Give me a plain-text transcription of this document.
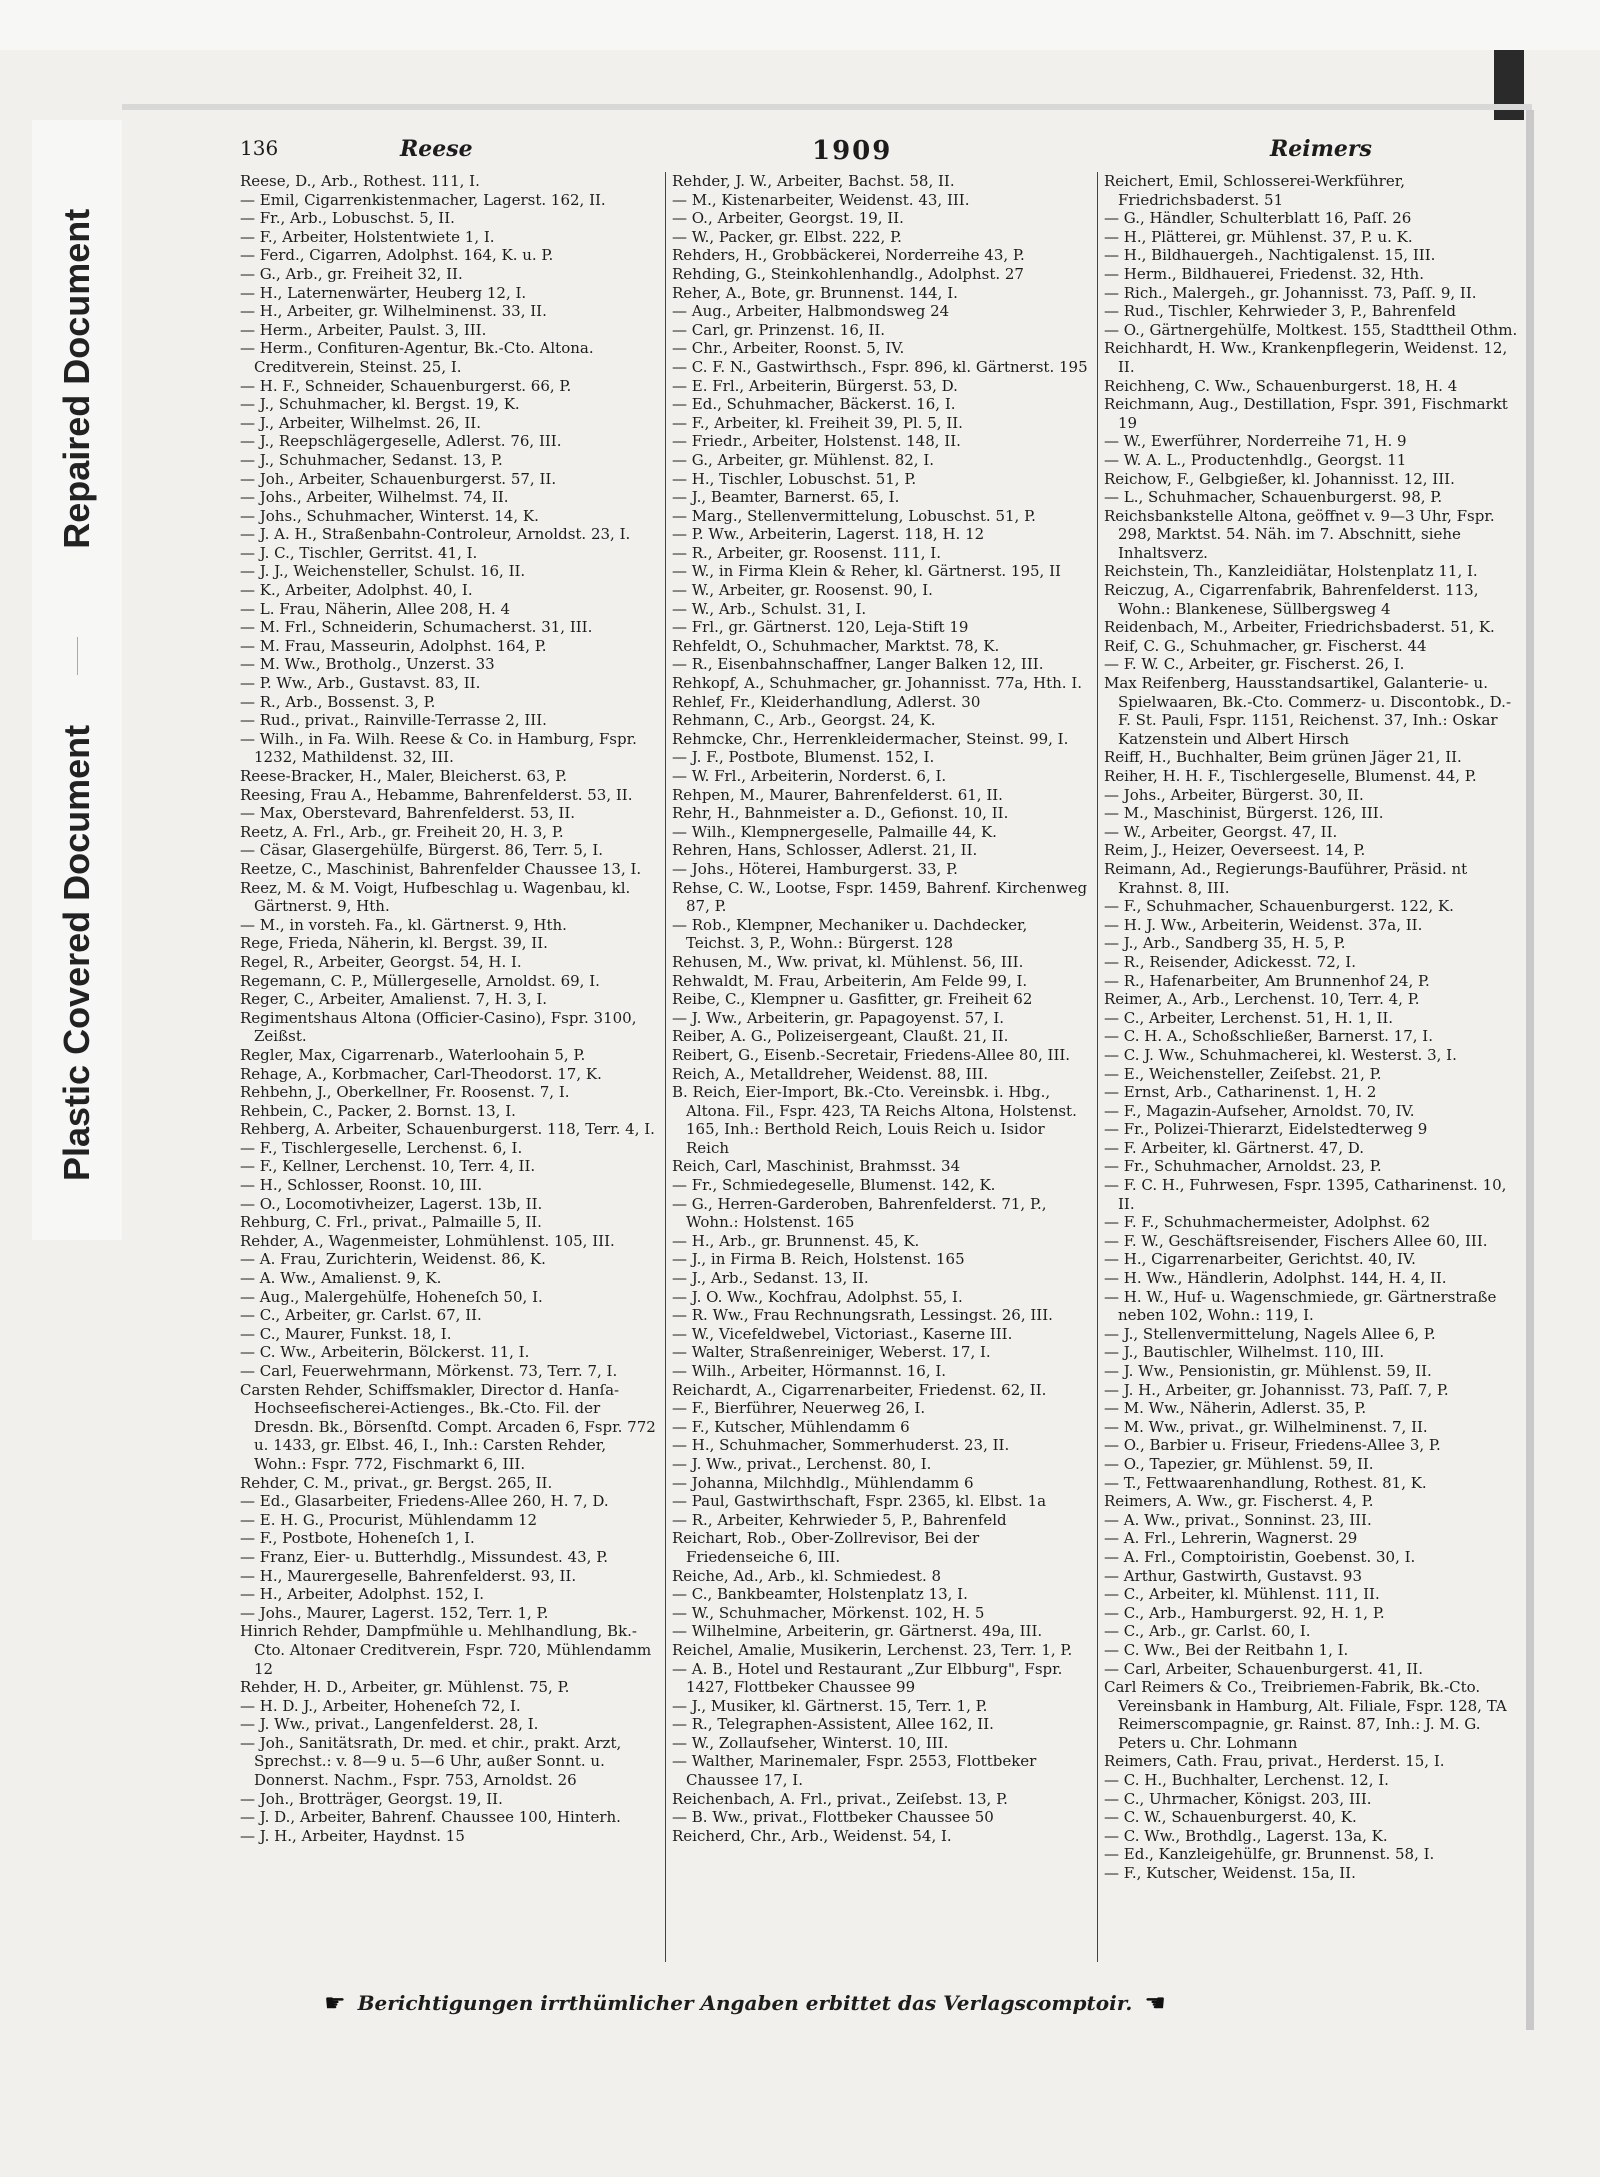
Repaired Document
Plastic Covered Document
136	Reese	1909	Reimers

Reese, D., Arb., Rothest. 111, I.

— Emil, Cigarrenkistenmacher, Lagerst. 162, II.

— Fr., Arb., Lobuschst. 5, II.

— F., Arbeiter, Holstentwiete 1, I.

— Ferd., Cigarren, Adolphst. 164, K. u. P.

— G., Arb., gr. Freiheit 32, II.

— H., Laternenwärter, Heuberg 12, I.

— H., Arbeiter, gr. Wilhelminenst. 33, II.

— Herm., Arbeiter, Paulst. 3, III.

— Herm., Confituren-Agentur, Bk.-Cto. Altona. Creditverein, Steinst. 25, I.

— H. F., Schneider, Schauenburgerst. 66, P.

— J., Schuhmacher, kl. Bergst. 19, K.

— J., Arbeiter, Wilhelmst. 26, II.

— J., Reepschlägergeselle, Adlerst. 76, III.

— J., Schuhmacher, Sedanst. 13, P.

— Joh., Arbeiter, Schauenburgerst. 57, II.

— Johs., Arbeiter, Wilhelmst. 74, II.

— Johs., Schuhmacher, Winterst. 14, K.

— J. A. H., Straßenbahn-Controleur, Arnoldst. 23, I.

— J. C., Tischler, Gerritst. 41, I.

— J. J., Weichensteller, Schulst. 16, II.

— K., Arbeiter, Adolphst. 40, I.

— L. Frau, Näherin, Allee 208, H. 4

— M. Frl., Schneiderin, Schumacherst. 31, III.

— M. Frau, Masseurin, Adolphst. 164, P.

— M. Ww., Brotholg., Unzerst. 33

— P. Ww., Arb., Gustavst. 83, II.

— R., Arb., Bossenst. 3, P.

— Rud., privat., Rainville-Terrasse 2, III.

— Wilh., in Fa. Wilh. Reese & Co. in Hamburg, Fspr. 1232, Mathildenst. 32, III.

Reese-Bracker, H., Maler, Bleicherst. 63, P.

Reesing, Frau A., Hebamme, Bahrenfelderst. 53, II.

— Max, Oberstevard, Bahrenfelderst. 53, II.

Reetz, A. Frl., Arb., gr. Freiheit 20, H. 3, P.

— Cäsar, Glasergehülfe, Bürgerst. 86, Terr. 5, I.

Reetze, C., Maschinist, Bahrenfelder Chaussee 13, I.

Reez, M. & M. Voigt, Hufbeschlag u. Wagenbau, kl. Gärtnerst. 9, Hth.

— M., in vorsteh. Fa., kl. Gärtnerst. 9, Hth.

Rege, Frieda, Näherin, kl. Bergst. 39, II.

Regel, R., Arbeiter, Georgst. 54, H. I.

Regemann, C. P., Müllergeselle, Arnoldst. 69, I.

Reger, C., Arbeiter, Amalienst. 7, H. 3, I.

Regimentshaus Altona (Officier-Casino), Fspr. 3100, Zeißst.

Regler, Max, Cigarrenarb., Waterloohain 5, P.

Rehage, A., Korbmacher, Carl-Theodorst. 17, K.

Rehbehn, J., Oberkellner, Fr. Roosenst. 7, I.

Rehbein, C., Packer, 2. Bornst. 13, I.

Rehberg, A. Arbeiter, Schauenburgerst. 118, Terr. 4, I.

— F., Tischlergeselle, Lerchenst. 6, I.

— F., Kellner, Lerchenst. 10, Terr. 4, II.

— H., Schlosser, Roonst. 10, III.

— O., Locomotivheizer, Lagerst. 13b, II.

Rehburg, C. Frl., privat., Palmaille 5, II.

Rehder, A., Wagenmeister, Lohmühlenst. 105, III.

— A. Frau, Zurichterin, Weidenst. 86, K.

— A. Ww., Amalienst. 9, K.

— Aug., Malergehülfe, Hoheneſch 50, I.

— C., Arbeiter, gr. Carlst. 67, II.

— C., Maurer, Funkst. 18, I.

— C. Ww., Arbeiterin, Bölckerst. 11, I.

— Carl, Feuerwehrmann, Mörkenst. 73, Terr. 7, I.

Carsten Rehder, Schiffsmakler, Director d. Hanſa-Hochseefischerei-Actienges., Bk.-Cto. Fil. der Dresdn. Bk., Börsenſtd. Compt. Arcaden 6, Fspr. 772 u. 1433, gr. Elbst. 46, I., Inh.: Carsten Rehder, Wohn.: Fspr. 772, Fischmarkt 6, III.

Rehder, C. M., privat., gr. Bergst. 265, II.

— Ed., Glasarbeiter, Friedens-Allee 260, H. 7, D.

— E. H. G., Procurist, Mühlendamm 12

— F., Postbote, Hoheneſch 1, I.

— Franz, Eier- u. Butterhdlg., Missundest. 43, P.

— H., Maurergeselle, Bahrenfelderst. 93, II.

— H., Arbeiter, Adolphst. 152, I.

— Johs., Maurer, Lagerst. 152, Terr. 1, P.

Hinrich Rehder, Dampfmühle u. Mehlhandlung, Bk.-Cto. Altonaer Creditverein, Fspr. 720, Mühlendamm 12

Rehder, H. D., Arbeiter, gr. Mühlenst. 75, P.

— H. D. J., Arbeiter, Hoheneſch 72, I.

— J. Ww., privat., Langenfelderst. 28, I.

— Joh., Sanitätsrath, Dr. med. et chir., prakt. Arzt, Sprechst.: v. 8—9 u. 5—6 Uhr, außer Sonnt. u. Donnerst. Nachm., Fspr. 753, Arnoldst. 26

— Joh., Brotträger, Georgst. 19, II.

— J. D., Arbeiter, Bahrenf. Chaussee 100, Hinterh.

— J. H., Arbeiter, Haydnst. 15

Rehder, J. W., Arbeiter, Bachst. 58, II.

— M., Kistenarbeiter, Weidenst. 43, III.

— O., Arbeiter, Georgst. 19, II.

— W., Packer, gr. Elbst. 222, P.

Rehders, H., Grobbäckerei, Norderreihe 43, P.

Rehding, G., Steinkohlenhandlg., Adolphst. 27

Reher, A., Bote, gr. Brunnenst. 144, I.

— Aug., Arbeiter, Halbmondsweg 24

— Carl, gr. Prinzenst. 16, II.

— Chr., Arbeiter, Roonst. 5, IV.

— C. F. N., Gastwirthsch., Fspr. 896, kl. Gärtnerst. 195

— E. Frl., Arbeiterin, Bürgerst. 53, D.

— Ed., Schuhmacher, Bäckerst. 16, I.

— F., Arbeiter, kl. Freiheit 39, Pl. 5, II.

— Friedr., Arbeiter, Holstenst. 148, II.

— G., Arbeiter, gr. Mühlenst. 82, I.

— H., Tischler, Lobuschst. 51, P.

— J., Beamter, Barnerst. 65, I.

— Marg., Stellenvermittelung, Lobuschst. 51, P.

— P. Ww., Arbeiterin, Lagerst. 118, H. 12

— R., Arbeiter, gr. Roosenst. 111, I.

— W., in Firma Klein & Reher, kl. Gärtnerst. 195, II

— W., Arbeiter, gr. Roosenst. 90, I.

— W., Arb., Schulst. 31, I.

— Frl., gr. Gärtnerst. 120, Leja-Stift 19

Rehfeldt, O., Schuhmacher, Marktst. 78, K.

— R., Eisenbahnschaffner, Langer Balken 12, III.

Rehkopf, A., Schuhmacher, gr. Johannisst. 77a, Hth. I.

Rehlef, Fr., Kleiderhandlung, Adlerst. 30

Rehmann, C., Arb., Georgst. 24, K.

Rehmcke, Chr., Herrenkleidermacher, Steinst. 99, I.

— J. F., Postbote, Blumenst. 152, I.

— W. Frl., Arbeiterin, Norderst. 6, I.

Rehpen, M., Maurer, Bahrenfelderst. 61, II.

Rehr, H., Bahnmeister a. D., Gefionst. 10, II.

— Wilh., Klempnergeselle, Palmaille 44, K.

Rehren, Hans, Schlosser, Adlerst. 21, II.

— Johs., Höterei, Hamburgerst. 33, P.

Rehse, C. W., Lootse, Fspr. 1459, Bahrenf. Kirchenweg 87, P.

— Rob., Klempner, Mechaniker u. Dachdecker, Teichst. 3, P., Wohn.: Bürgerst. 128

Rehusen, M., Ww. privat, kl. Mühlenst. 56, III.

Rehwaldt, M. Frau, Arbeiterin, Am Felde 99, I.

Reibe, C., Klempner u. Gasfitter, gr. Freiheit 62

— J. Ww., Arbeiterin, gr. Papagoyenst. 57, I.

Reiber, A. G., Polizeisergeant, Claußt. 21, II.

Reibert, G., Eisenb.-Secretair, Friedens-Allee 80, III.

Reich, A., Metalldreher, Weidenst. 88, III.

B. Reich, Eier-Import, Bk.-Cto. Vereinsbk. i. Hbg., Altona. Fil., Fspr. 423, TA Reichs Altona, Holstenst. 165, Inh.: Berthold Reich, Louis Reich u. Isidor Reich

Reich, Carl, Maschinist, Brahmsst. 34

— Fr., Schmiedegeselle, Blumenst. 142, K.

— G., Herren-Garderoben, Bahrenfelderst. 71, P., Wohn.: Holstenst. 165

— H., Arb., gr. Brunnenst. 45, K.

— J., in Firma B. Reich, Holstenst. 165

— J., Arb., Sedanst. 13, II.

— J. O. Ww., Kochfrau, Adolphst. 55, I.

— R. Ww., Frau Rechnungsrath, Lessingst. 26, III.

— W., Vicefeldwebel, Victoriast., Kaserne III.

— Walter, Straßenreiniger, Weberst. 17, I.

— Wilh., Arbeiter, Hörmannst. 16, I.

Reichardt, A., Cigarrenarbeiter, Friedenst. 62, II.

— F., Bierführer, Neuerweg 26, I.

— F., Kutscher, Mühlendamm 6

— H., Schuhmacher, Sommerhuderst. 23, II.

— J. Ww., privat., Lerchenst. 80, I.

— Johanna, Milchhdlg., Mühlendamm 6

— Paul, Gastwirthschaft, Fspr. 2365, kl. Elbst. 1a

— R., Arbeiter, Kehrwieder 5, P., Bahrenfeld

Reichart, Rob., Ober-Zollrevisor, Bei der Friedenseiche 6, III.

Reiche, Ad., Arb., kl. Schmiedest. 8

— C., Bankbeamter, Holstenplatz 13, I.

— W., Schuhmacher, Mörkenst. 102, H. 5

— Wilhelmine, Arbeiterin, gr. Gärtnerst. 49a, III.

Reichel, Amalie, Musikerin, Lerchenst. 23, Terr. 1, P.

— A. B., Hotel und Restaurant „Zur Elbburg", Fspr. 1427, Flottbeker Chaussee 99

— J., Musiker, kl. Gärtnerst. 15, Terr. 1, P.

— R., Telegraphen-Assistent, Allee 162, II.

— W., Zollaufseher, Winterst. 10, III.

— Walther, Marinemaler, Fspr. 2553, Flottbeker Chaussee 17, I.

Reichenbach, A. Frl., privat., Zeiſebst. 13, P.

— B. Ww., privat., Flottbeker Chaussee 50

Reicherd, Chr., Arb., Weidenst. 54, I.

Reichert, Emil, Schlosserei-Werkführer, Friedrichsbaderst. 51

— G., Händler, Schulterblatt 16, Paſſ. 26

— H., Plätterei, gr. Mühlenst. 37, P. u. K.

— H., Bildhauergeh., Nachtigalenst. 15, III.

— Herm., Bildhauerei, Friedenst. 32, Hth.

— Rich., Malergeh., gr. Johannisst. 73, Paſſ. 9, II.

— Rud., Tischler, Kehrwieder 3, P., Bahrenfeld

— O., Gärtnergehülfe, Moltkest. 155, Stadttheil Othm.

Reichhardt, H. Ww., Krankenpflegerin, Weidenst. 12, II.

Reichheng, C. Ww., Schauenburgerst. 18, H. 4

Reichmann, Aug., Destillation, Fspr. 391, Fischmarkt 19

— W., Ewerführer, Norderreihe 71, H. 9

— W. A. L., Productenhdlg., Georgst. 11

Reichow, F., Gelbgießer, kl. Johannisst. 12, III.

— L., Schuhmacher, Schauenburgerst. 98, P.

Reichsbankstelle Altona, geöffnet v. 9—3 Uhr, Fspr. 298, Marktst. 54. Näh. im 7. Abschnitt, siehe Inhaltsverz.

Reichstein, Th., Kanzleidiätar, Holstenplatz 11, I.

Reiczug, A., Cigarrenfabrik, Bahrenfelderst. 113, Wohn.: Blankenese, Süllbergsweg 4

Reidenbach, M., Arbeiter, Friedrichsbaderst. 51, K.

Reif, C. G., Schuhmacher, gr. Fischerst. 44

— F. W. C., Arbeiter, gr. Fischerst. 26, I.

Max Reifenberg, Hausstandsartikel, Galanterie- u. Spielwaaren, Bk.-Cto. Commerz- u. Discontobk., D.-F. St. Pauli, Fspr. 1151, Reichenst. 37, Inh.: Oskar Katzenstein und Albert Hirsch

Reiff, H., Buchhalter, Beim grünen Jäger 21, II.

Reiher, H. H. F., Tischlergeselle, Blumenst. 44, P.

— Johs., Arbeiter, Bürgerst. 30, II.

— M., Maschinist, Bürgerst. 126, III.

— W., Arbeiter, Georgst. 47, II.

Reim, J., Heizer, Oeverseest. 14, P.

Reimann, Ad., Regierungs-Bauführer, Präsid. nt Krahnst. 8, III.

— F., Schuhmacher, Schauenburgerst. 122, K.

— H. J. Ww., Arbeiterin, Weidenst. 37a, II.

— J., Arb., Sandberg 35, H. 5, P.

— R., Reisender, Adickesst. 72, I.

— R., Hafenarbeiter, Am Brunnenhof 24, P.

Reimer, A., Arb., Lerchenst. 10, Terr. 4, P.

— C., Arbeiter, Lerchenst. 51, H. 1, II.

— C. H. A., Schoßschließer, Barnerst. 17, I.

— C. J. Ww., Schuhmacherei, kl. Westerst. 3, I.

— E., Weichensteller, Zeiſebst. 21, P.

— Ernst, Arb., Catharinenst. 1, H. 2

— F., Magazin-Aufseher, Arnoldst. 70, IV.

— Fr., Polizei-Thierarzt, Eidelstedterweg 9

— F. Arbeiter, kl. Gärtnerst. 47, D.

— Fr., Schuhmacher, Arnoldst. 23, P.

— F. C. H., Fuhrwesen, Fspr. 1395, Catharinenst. 10, II.

— F. F., Schuhmachermeister, Adolphst. 62

— F. W., Geschäftsreisender, Fischers Allee 60, III.

— H., Cigarrenarbeiter, Gerichtst. 40, IV.

— H. Ww., Händlerin, Adolphst. 144, H. 4, II.

— H. W., Huf- u. Wagenschmiede, gr. Gärtnerstraße neben 102, Wohn.: 119, I.

— J., Stellenvermittelung, Nagels Allee 6, P.

— J., Bautischler, Wilhelmst. 110, III.

— J. Ww., Pensionistin, gr. Mühlenst. 59, II.

— J. H., Arbeiter, gr. Johannisst. 73, Paſſ. 7, P.

— M. Ww., Näherin, Adlerst. 35, P.

— M. Ww., privat., gr. Wilhelminenst. 7, II.

— O., Barbier u. Friseur, Friedens-Allee 3, P.

— O., Tapezier, gr. Mühlenst. 59, II.

— T., Fettwaarenhandlung, Rothest. 81, K.

Reimers, A. Ww., gr. Fischerst. 4, P.

— A. Ww., privat., Sonninst. 23, III.

— A. Frl., Lehrerin, Wagnerst. 29

— A. Frl., Comptoiristin, Goebenst. 30, I.

— Arthur, Gastwirth, Gustavst. 93

— C., Arbeiter, kl. Mühlenst. 111, II.

— C., Arb., Hamburgerst. 92, H. 1, P.

— C., Arb., gr. Carlst. 60, I.

— C. Ww., Bei der Reitbahn 1, I.

— Carl, Arbeiter, Schauenburgerst. 41, II.

Carl Reimers & Co., Treibriemen-Fabrik, Bk.-Cto. Vereinsbank in Hamburg, Alt. Filiale, Fspr. 128, TA Reimerscompagnie, gr. Rainst. 87, Inh.: J. M. G. Peters u. Chr. Lohmann

Reimers, Cath. Frau, privat., Herderst. 15, I.

— C. H., Buchhalter, Lerchenst. 12, I.

— C., Uhrmacher, Königst. 203, III.

— C. W., Schauenburgerst. 40, K.

— C. Ww., Brothdlg., Lagerst. 13a, K.

— Ed., Kanzleigehülfe, gr. Brunnenst. 58, I.

— F., Kutscher, Weidenst. 15a, II.

☛ Berichtigungen irrthümlicher Angaben erbittet das Verlagscomptoir. ☚
